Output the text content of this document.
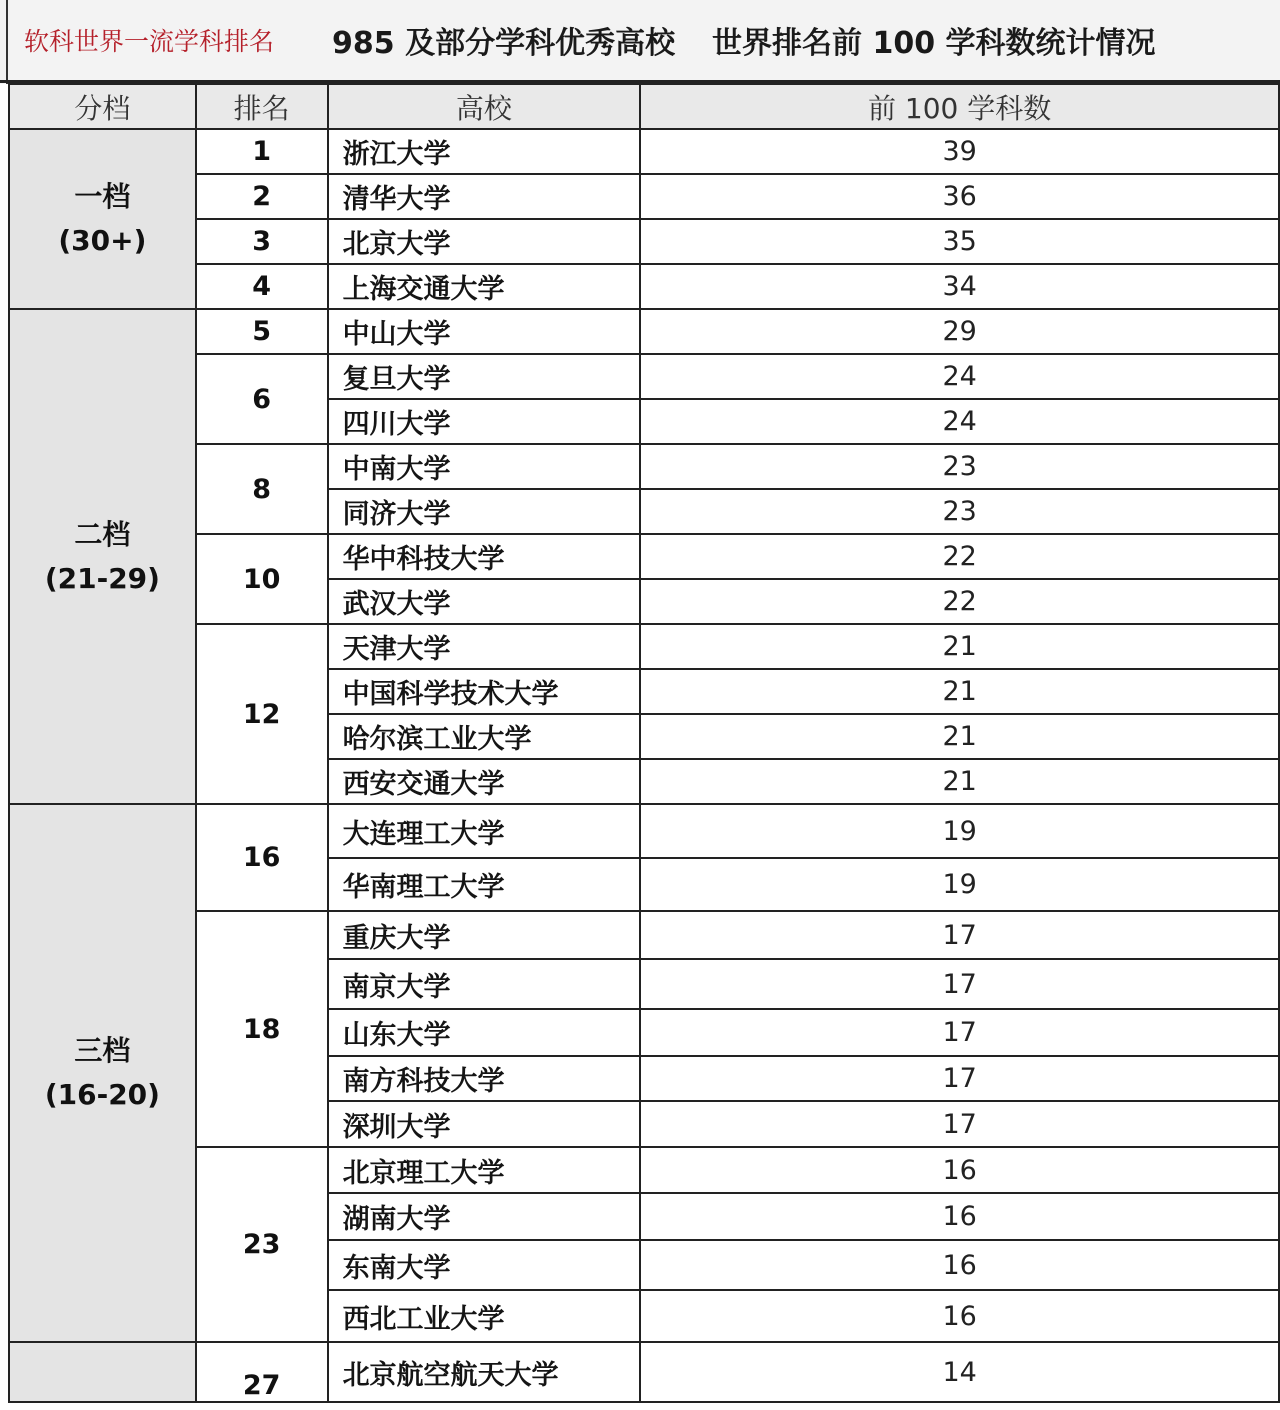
软科世界一流学科排名 985 及部分学科优秀高校 世界排名前 100 学科数统计情况
分档	排名	高校	前 100 学科数

一档
(30+)	1	浙江大学	39
	2	清华大学	36
	3	北京大学	35
	4	上海交通大学	34

二档
(21-29)	5	中山大学	29
	6	复旦大学	24
		四川大学	24
	8	中南大学	23
		同济大学	23
	10	华中科技大学	22
		武汉大学	22
	12	天津大学	21
		中国科学技术大学	21
		哈尔滨工业大学	21
		西安交通大学	21

三档
(16-20)	16	大连理工大学	19
		华南理工大学	19
	18	重庆大学	17
		南京大学	17
		山东大学	17
		南方科技大学	17
		深圳大学	17
	23	北京理工大学	16
		湖南大学	16
		东南大学	16
		西北工业大学	16
	27	北京航空航天大学	14
